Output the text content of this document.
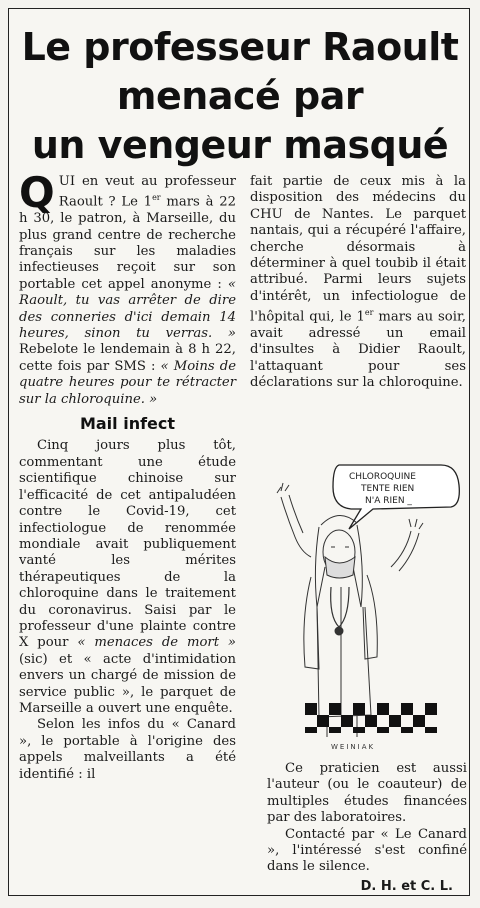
Le professeur Raoult
menacé par
un vengeur masqué

QUI en veut au professeur Raoult ? Le 1er mars à 22 h 30, le patron, à Marseille, du plus grand centre de recherche français sur les maladies infectieuses reçoit sur son portable cet appel anonyme : « Raoult, tu vas arrêter de dire des conneries d'ici demain 14 heures, sinon tu verras. » Rebelote le lendemain à 8 h 22, cette fois par SMS : « Moins de quatre heures pour te rétracter sur la chloroquine. »

Mail infect

Cinq jours plus tôt, commentant une étude scientifique chinoise sur l'efficacité de cet antipaludéen contre le Covid-19, cet infectiologue de renommée mondiale avait publiquement vanté les mérites thérapeutiques de la chloroquine dans le traitement du coronavirus. Saisi par le professeur d'une plainte contre X pour « menaces de mort » (sic) et « acte d'intimidation envers un chargé de mission de service public », le parquet de Marseille a ouvert une enquête.

Selon les infos du « Canard », le portable à l'origine des appels malveillants a été identifié : il

fait partie de ceux mis à la disposition des médecins du CHU de Nantes. Le parquet nantais, qui a récupéré l'affaire, cherche désormais à déterminer à quel toubib il était attribué. Parmi leurs sujets d'intérêt, un infectiologue de l'hôpital qui, le 1er mars au soir, avait adressé un email d'insultes à Didier Raoult, l'attaquant pour ses déclarations sur la chloroquine.

CHLOROQUINE
TENTE RIEN
N'A RIEN _
WEINIAK

Ce praticien est aussi l'auteur (ou le coauteur) de multiples études financées par des laboratoires.

Contacté par « Le Canard », l'intéressé s'est confiné dans le silence.

D. H. et C. L.
